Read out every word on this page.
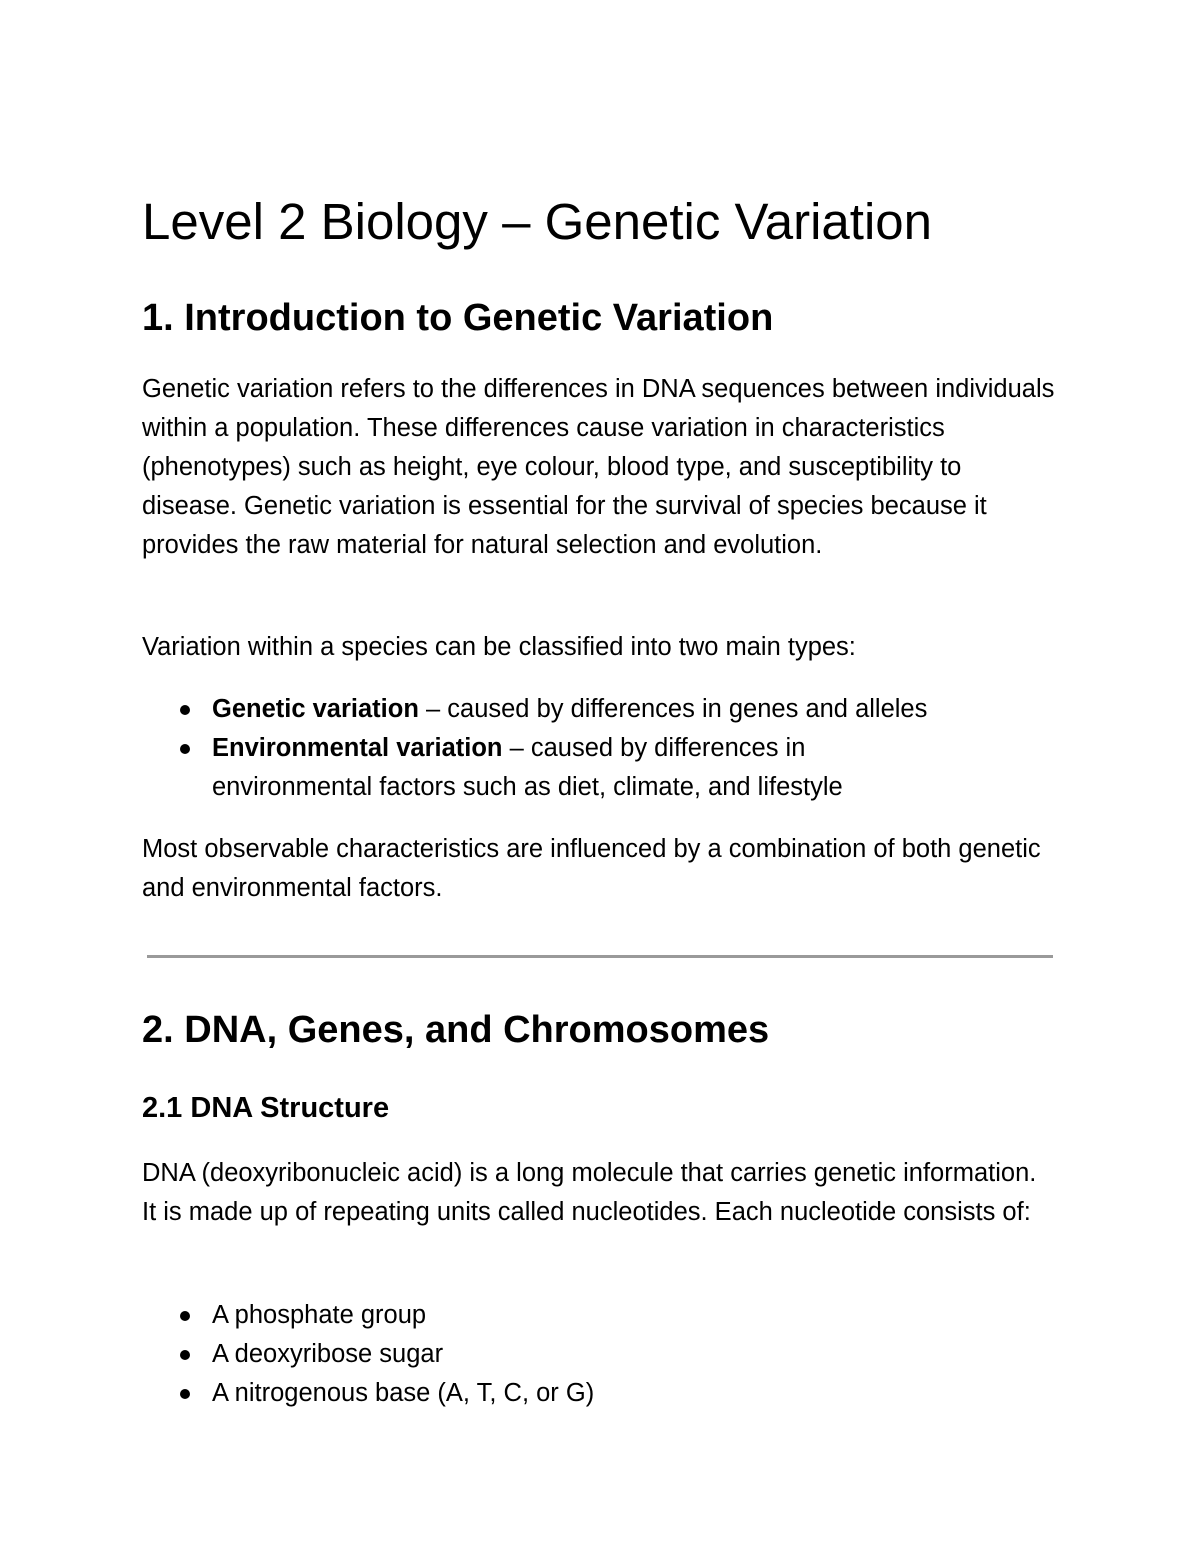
Level 2 Biology – Genetic Variation
1. Introduction to Genetic Variation

Genetic variation refers to the differences in DNA sequences between individuals within a population. These differences cause variation in characteristics (phenotypes) such as height, eye colour, blood type, and susceptibility to disease. Genetic variation is essential for the survival of species because it provides the raw material for natural selection and evolution.

Variation within a species can be classified into two main types:

Genetic variation – caused by differences in genes and alleles
Environmental variation – caused by differences in environmental factors such as diet, climate, and lifestyle

Most observable characteristics are influenced by a combination of both genetic and environmental factors.

2. DNA, Genes, and Chromosomes
2.1 DNA Structure

DNA (deoxyribonucleic acid) is a long molecule that carries genetic information. It is made up of repeating units called nucleotides. Each nucleotide consists of:

A phosphate group
A deoxyribose sugar
A nitrogenous base (A, T, C, or G)
